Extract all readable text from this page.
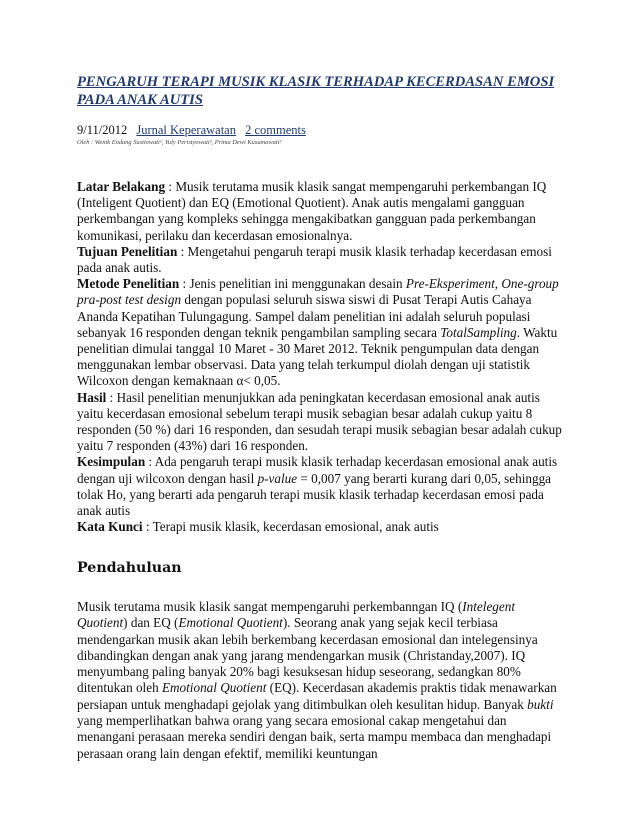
PENGARUH TERAPI MUSIK KLASIK TERHADAP KECERDASAN EMOSI PADA ANAK AUTIS
9/11/2012 Jurnal Keperawatan 2 comments
Oleh : Wenik Endang Sustiowati¹, Yuly Peristyowati², Prima Dewi Kusumawati²

Latar Belakang : Musik terutama musik klasik sangat mempengaruhi perkembangan IQ (Inteligent Quotient) dan EQ (Emotional Quotient). Anak autis mengalami gangguan perkembangan yang kompleks sehingga mengakibatkan gangguan pada perkembangan komunikasi, perilaku dan kecerdasan emosionalnya.

Tujuan Penelitian : Mengetahui pengaruh terapi musik klasik terhadap kecerdasan emosi pada anak autis.

Metode Penelitian : Jenis penelitian ini menggunakan desain Pre-Eksperiment, One-group pra-post test design dengan populasi seluruh siswa siswi di Pusat Terapi Autis Cahaya Ananda Kepatihan Tulungagung. Sampel dalam penelitian ini adalah seluruh populasi sebanyak 16 responden dengan teknik pengambilan sampling secara TotalSampling. Waktu penelitian dimulai tanggal 10 Maret - 30 Maret 2012. Teknik pengumpulan data dengan menggunakan lembar observasi. Data yang telah terkumpul diolah dengan uji statistik Wilcoxon dengan kemaknaan α< 0,05.

Hasil : Hasil penelitian menunjukkan ada peningkatan kecerdasan emosional anak autis yaitu kecerdasan emosional sebelum terapi musik sebagian besar adalah cukup yaitu 8 responden (50 %) dari 16 responden, dan sesudah terapi musik sebagian besar adalah cukup yaitu 7 responden (43%) dari 16 responden.

Kesimpulan : Ada pengaruh terapi musik klasik terhadap kecerdasan emosional anak autis dengan uji wilcoxon dengan hasil p-value = 0,007 yang berarti kurang dari 0,05, sehingga tolak Ho, yang berarti ada pengaruh terapi musik klasik terhadap kecerdasan emosi pada anak autis

Kata Kunci : Terapi musik klasik, kecerdasan emosional, anak autis

Pendahuluan

Musik terutama musik klasik sangat mempengaruhi perkembanngan IQ (Intelegent Quotient) dan EQ (Emotional Quotient). Seorang anak yang sejak kecil terbiasa mendengarkan musik akan lebih berkembang kecerdasan emosional dan intelegensinya dibandingkan dengan anak yang jarang mendengarkan musik (Christanday,2007). IQ menyumbang paling banyak 20% bagi kesuksesan hidup seseorang, sedangkan 80% ditentukan oleh Emotional Quotient (EQ). Kecerdasan akademis praktis tidak menawarkan persiapan untuk menghadapi gejolak yang ditimbulkan oleh kesulitan hidup. Banyak bukti yang memperlihatkan bahwa orang yang secara emosional cakap mengetahui dan menangani perasaan mereka sendiri dengan baik, serta mampu membaca dan menghadapi perasaan orang lain dengan efektif, memiliki keuntungan
